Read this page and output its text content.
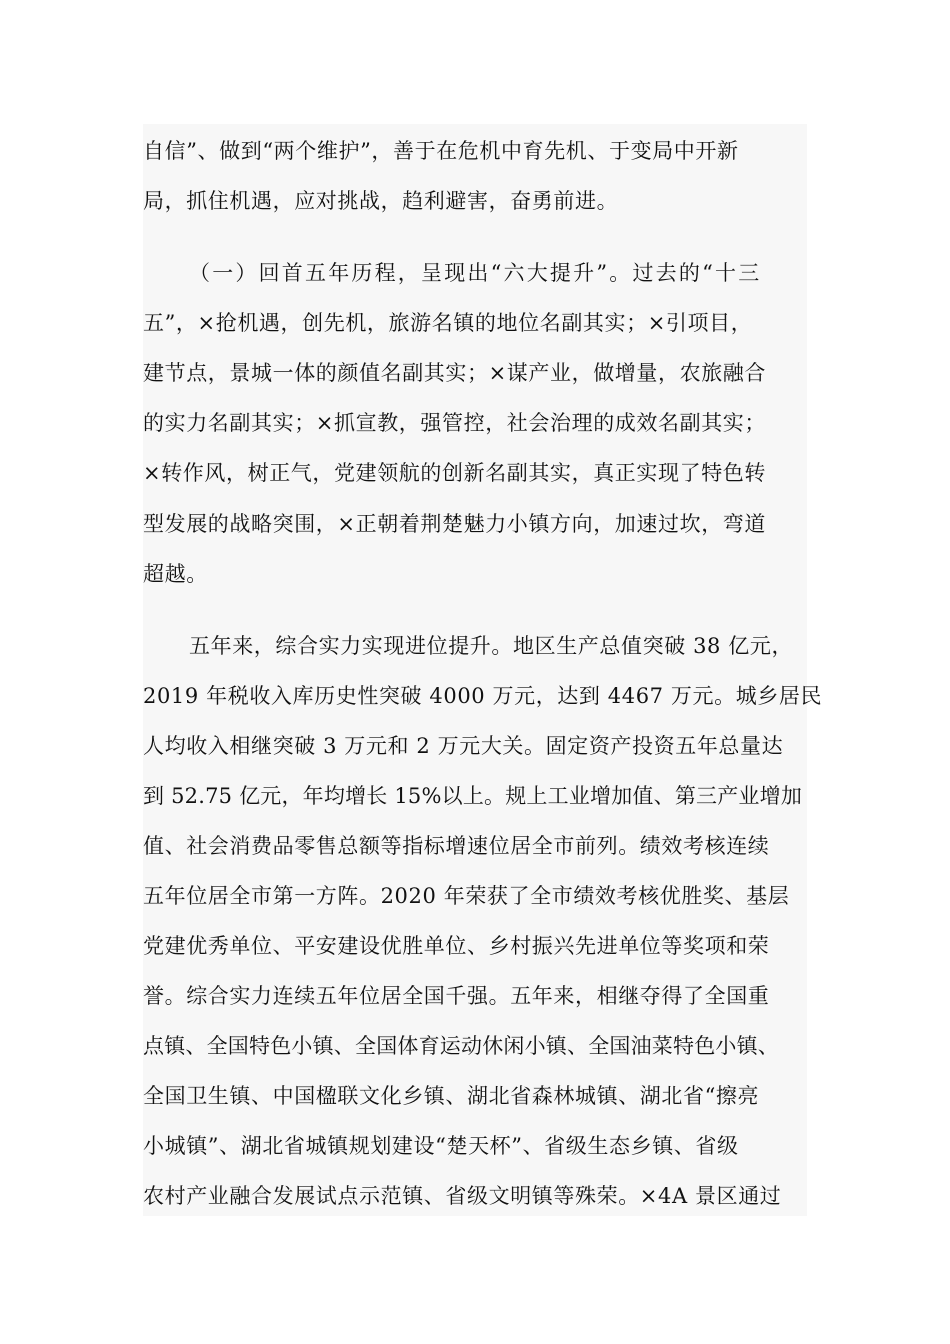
自信”、做到“两个维护”，善于在危机中育先机、于变局中开新
局，抓住机遇，应对挑战，趋利避害，奋勇前进。
（一）回首五年历程，呈现出“六大提升”。过去的“十三
五”，×抢机遇，创先机，旅游名镇的地位名副其实；×引项目，
建节点，景城一体的颜值名副其实；×谋产业，做增量，农旅融合
的实力名副其实；×抓宣教，强管控，社会治理的成效名副其实；
×转作风，树正气，党建领航的创新名副其实，真正实现了特色转
型发展的战略突围，×正朝着荆楚魅力小镇方向，加速过坎，弯道
超越。
五年来，综合实力实现进位提升。地区生产总值突破 38 亿元，
2019 年税收入库历史性突破 4000 万元，达到 4467 万元。城乡居民
人均收入相继突破 3 万元和 2 万元大关。固定资产投资五年总量达
到 52.75 亿元，年均增长 15%以上。规上工业增加值、第三产业增加
值、社会消费品零售总额等指标增速位居全市前列。绩效考核连续
五年位居全市第一方阵。2020 年荣获了全市绩效考核优胜奖、基层
党建优秀单位、平安建设优胜单位、乡村振兴先进单位等奖项和荣
誉。综合实力连续五年位居全国千强。五年来，相继夺得了全国重
点镇、全国特色小镇、全国体育运动休闲小镇、全国油菜特色小镇、
全国卫生镇、中国楹联文化乡镇、湖北省森林城镇、湖北省“擦亮
小城镇”、湖北省城镇规划建设“楚天杯”、省级生态乡镇、省级
农村产业融合发展试点示范镇、省级文明镇等殊荣。×4A 景区通过
